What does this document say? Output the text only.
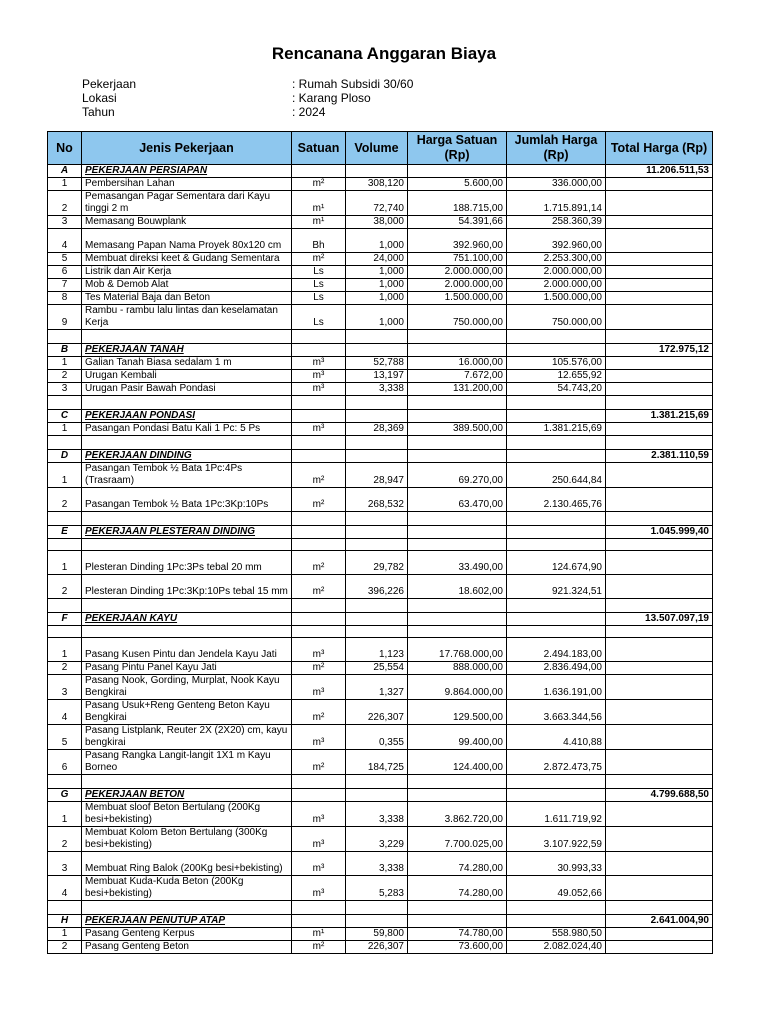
Rencanana Anggaran Biaya
Pekerjaan	: Rumah Subsidi 30/60
Lokasi	: Karang Ploso
Tahun	: 2024
No	Jenis Pekerjaan	Satuan	Volume	Harga Satuan (Rp)	Jumlah Harga (Rp)	Total Harga (Rp)
A	PEKERJAAN PERSIAPAN					11.206.511,53
1	Pembersihan Lahan	m²	308,120	5.600,00	336.000,00	
2	Pemasangan Pagar Sementara dari Kayu tinggi 2 m	m¹	72,740	188.715,00	1.715.891,14	
3	Memasang Bouwplank	m¹	38,000	54.391,66	258.360,39	
4	Memasang Papan Nama Proyek 80x120 cm	Bh	1,000	392.960,00	392.960,00	
5	Membuat direksi keet & Gudang Sementara	m²	24,000	751.100,00	2.253.300,00	
6	Listrik dan Air Kerja	Ls	1,000	2.000.000,00	2.000.000,00	
7	Mob & Demob Alat	Ls	1,000	2.000.000,00	2.000.000,00	
8	Tes Material Baja dan Beton	Ls	1,000	1.500.000,00	1.500.000,00	
9	Rambu - rambu lalu lintas dan keselamatan Kerja	Ls	1,000	750.000,00	750.000,00	

B	PEKERJAAN TANAH					172.975,12
1	Galian Tanah Biasa sedalam 1 m	m³	52,788	16.000,00	105.576,00	
2	Urugan Kembali	m³	13,197	7.672,00	12.655,92	
3	Urugan Pasir Bawah Pondasi	m³	3,338	131.200,00	54.743,20	

C	PEKERJAAN PONDASI					1.381.215,69
1	Pasangan Pondasi Batu Kali 1 Pc: 5 Ps	m³	28,369	389.500,00	1.381.215,69	

D	PEKERJAAN DINDING					2.381.110,59
1	Pasangan Tembok ½ Bata 1Pc:4Ps (Trasraam)	m²	28,947	69.270,00	250.644,84	
2	Pasangan Tembok ½ Bata 1Pc:3Kp:10Ps	m²	268,532	63.470,00	2.130.465,76	

E	PEKERJAAN PLESTERAN DINDING					1.045.999,40

1	Plesteran Dinding 1Pc:3Ps tebal 20 mm	m²	29,782	33.490,00	124.674,90	
2	Plesteran Dinding 1Pc:3Kp:10Ps tebal 15 mm	m²	396,226	18.602,00	921.324,51	

F	PEKERJAAN KAYU					13.507.097,19

1	Pasang Kusen Pintu dan Jendela Kayu Jati	m³	1,123	17.768.000,00	2.494.183,00	
2	Pasang Pintu Panel Kayu Jati	m²	25,554	888.000,00	2.836.494,00	
3	Pasang Nook, Gording, Murplat, Nook Kayu Bengkirai	m³	1,327	9.864.000,00	1.636.191,00	
4	Pasang Usuk+Reng Genteng Beton Kayu Bengkirai	m²	226,307	129.500,00	3.663.344,56	
5	Pasang Listplank, Reuter 2X (2X20) cm, kayu bengkirai	m³	0,355	99.400,00	4.410,88	
6	Pasang Rangka Langit-langit 1X1 m Kayu Borneo	m²	184,725	124.400,00	2.872.473,75	

G	PEKERJAAN BETON					4.799.688,50
1	Membuat sloof Beton Bertulang (200Kg besi+bekisting)	m³	3,338	3.862.720,00	1.611.719,92	
2	Membuat Kolom Beton Bertulang (300Kg besi+bekisting)	m³	3,229	7.700.025,00	3.107.922,59	
3	Membuat Ring Balok (200Kg besi+bekisting)	m³	3,338	74.280,00	30.993,33	
4	Membuat Kuda-Kuda Beton (200Kg besi+bekisting)	m³	5,283	74.280,00	49.052,66	

H	PEKERJAAN PENUTUP ATAP					2.641.004,90
1	Pasang Genteng Kerpus	m¹	59,800	74.780,00	558.980,50	
2	Pasang Genteng Beton	m²	226,307	73.600,00	2.082.024,40	
